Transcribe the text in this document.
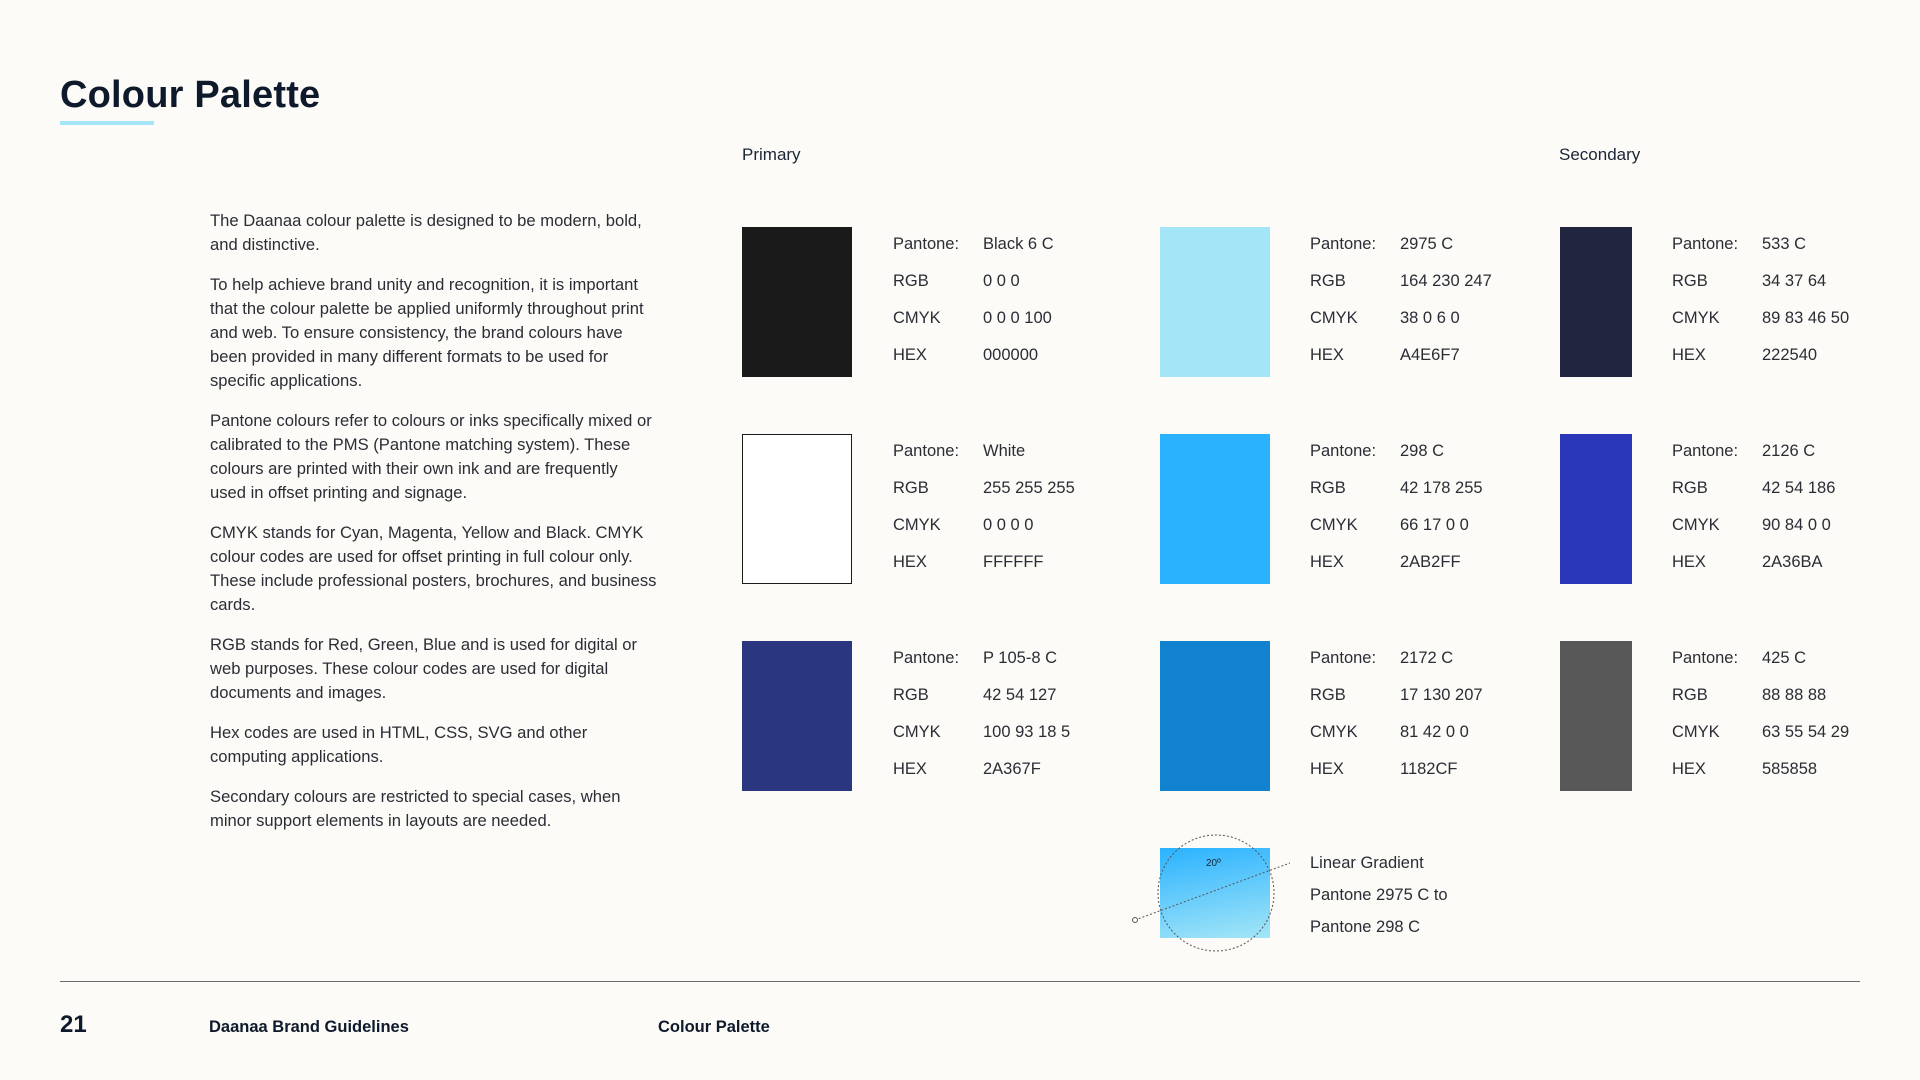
Colour Palette
Primary	Secondary

The Daanaa colour palette is designed to be modern, bold, and distinctive.

To help achieve brand unity and recognition, it is important that the colour palette be applied uniformly throughout print and web. To ensure consistency, the brand colours have been provided in many different formats to be used for specific applications.

Pantone colours refer to colours or inks specifically mixed or calibrated to the PMS (Pantone matching system). These colours are printed with their own ink and are frequently used in offset printing and signage.

CMYK stands for Cyan, Magenta, Yellow and Black. CMYK colour codes are used for offset printing in full colour only. These include professional posters, brochures, and business cards.

RGB stands for Red, Green, Blue and is used for digital or web purposes. These colour codes are used for digital documents and images.

Hex codes are used in HTML, CSS, SVG and other computing applications.

Secondary colours are restricted to special cases, when minor support elements in layouts are needed.

Pantone:	Black 6 C
RGB	0 0 0
CMYK	0 0 0 100
HEX	000000
Pantone:	White
RGB	255 255 255
CMYK	0 0 0 0
HEX	FFFFFF
Pantone:	P 105-8 C
RGB	42 54 127
CMYK	100 93 18 5
HEX	2A367F
Pantone:	2975 C
RGB	164 230 247
CMYK	38 0 6 0
HEX	A4E6F7
Pantone:	298 C
RGB	42 178 255
CMYK	66 17 0 0
HEX	2AB2FF
Pantone:	2172 C
RGB	17 130 207
CMYK	81 42 0 0
HEX	1182CF
20º	Linear Gradient
Pantone 2975 C to
Pantone 298 C
Pantone:	533 C
RGB	34 37 64
CMYK	89 83 46 50
HEX	222540
Pantone:	2126 C
RGB	42 54 186
CMYK	90 84 0 0
HEX	2A36BA
Pantone:	425 C
RGB	88 88 88
CMYK	63 55 54 29
HEX	585858
21	Daanaa Brand Guidelines	Colour Palette
